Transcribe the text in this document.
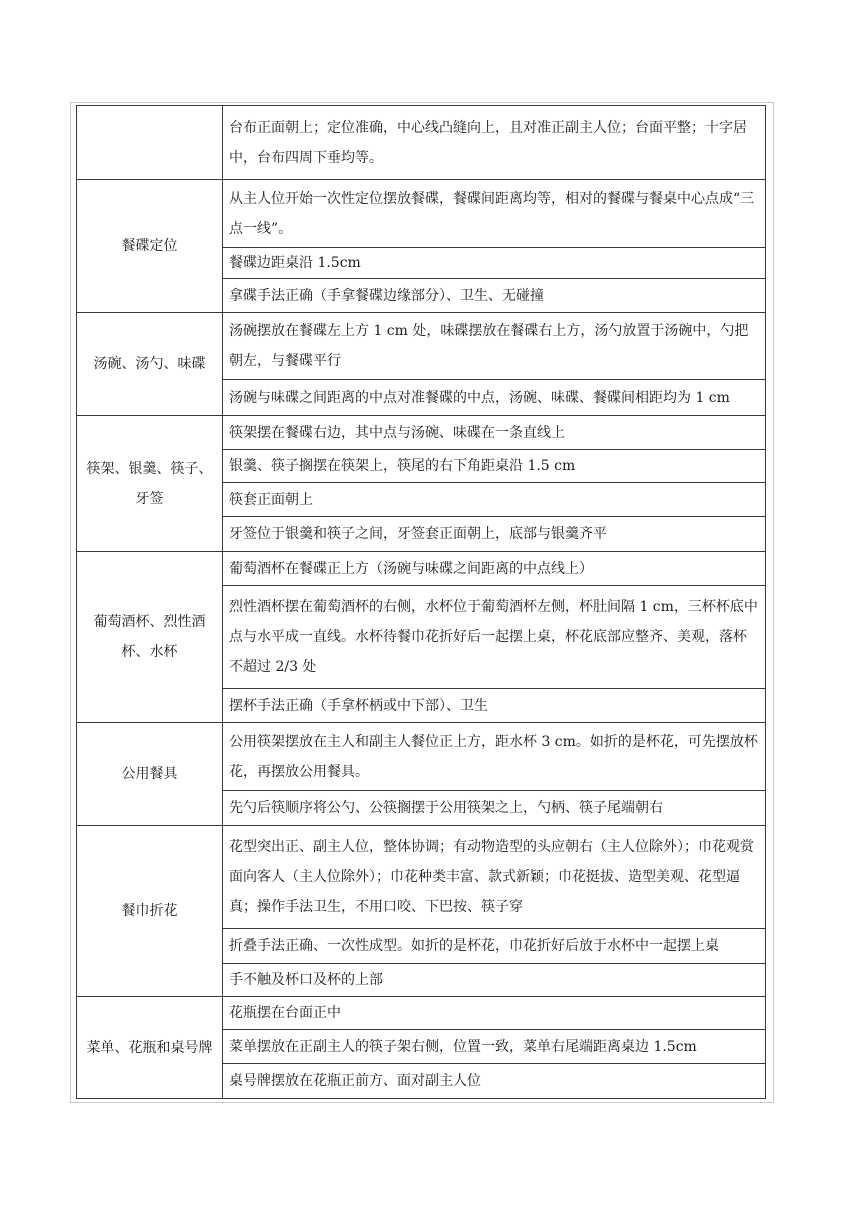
	台布正面朝上；定位准确，中心线凸缝向上，且对准正副主人位；台面平整；十字居中，台布四周下垂均等。
餐碟定位	从主人位开始一次性定位摆放餐碟，餐碟间距离均等，相对的餐碟与餐桌中心点成“三点一线”。
	餐碟边距桌沿 1.5cm
	拿碟手法正确（手拿餐碟边缘部分）、卫生、无碰撞
汤碗、汤勺、味碟	汤碗摆放在餐碟左上方 1 cm 处，味碟摆放在餐碟右上方，汤勺放置于汤碗中，勺把朝左，与餐碟平行
	汤碗与味碟之间距离的中点对准餐碟的中点，汤碗、味碟、餐碟间相距均为 1 cm
筷架、银羹、筷子、牙签	筷架摆在餐碟右边，其中点与汤碗、味碟在一条直线上
	银羹、筷子搁摆在筷架上，筷尾的右下角距桌沿 1.5 cm
	筷套正面朝上
	牙签位于银羹和筷子之间，牙签套正面朝上，底部与银羹齐平
葡萄酒杯、烈性酒杯、水杯	葡萄酒杯在餐碟正上方（汤碗与味碟之间距离的中点线上）
	烈性酒杯摆在葡萄酒杯的右侧，水杯位于葡萄酒杯左侧，杯肚间隔 1 cm，三杯杯底中点与水平成一直线。水杯待餐巾花折好后一起摆上桌，杯花底部应整齐、美观，落杯不超过 2/3 处
	摆杯手法正确（手拿杯柄或中下部）、卫生
公用餐具	公用筷架摆放在主人和副主人餐位正上方，距水杯 3 cm。如折的是杯花，可先摆放杯花，再摆放公用餐具。
	先勺后筷顺序将公勺、公筷搁摆于公用筷架之上，勺柄、筷子尾端朝右
餐巾折花	花型突出正、副主人位，整体协调；有动物造型的头应朝右（主人位除外）；巾花观赏面向客人（主人位除外）；巾花种类丰富、款式新颖；巾花挺拔、造型美观、花型逼真；操作手法卫生，不用口咬、下巴按、筷子穿
	折叠手法正确、一次性成型。如折的是杯花，巾花折好后放于水杯中一起摆上桌
	手不触及杯口及杯的上部
菜单、花瓶和桌号牌	花瓶摆在台面正中
	菜单摆放在正副主人的筷子架右侧，位置一致，菜单右尾端距离桌边 1.5cm
	桌号牌摆放在花瓶正前方、面对副主人位
